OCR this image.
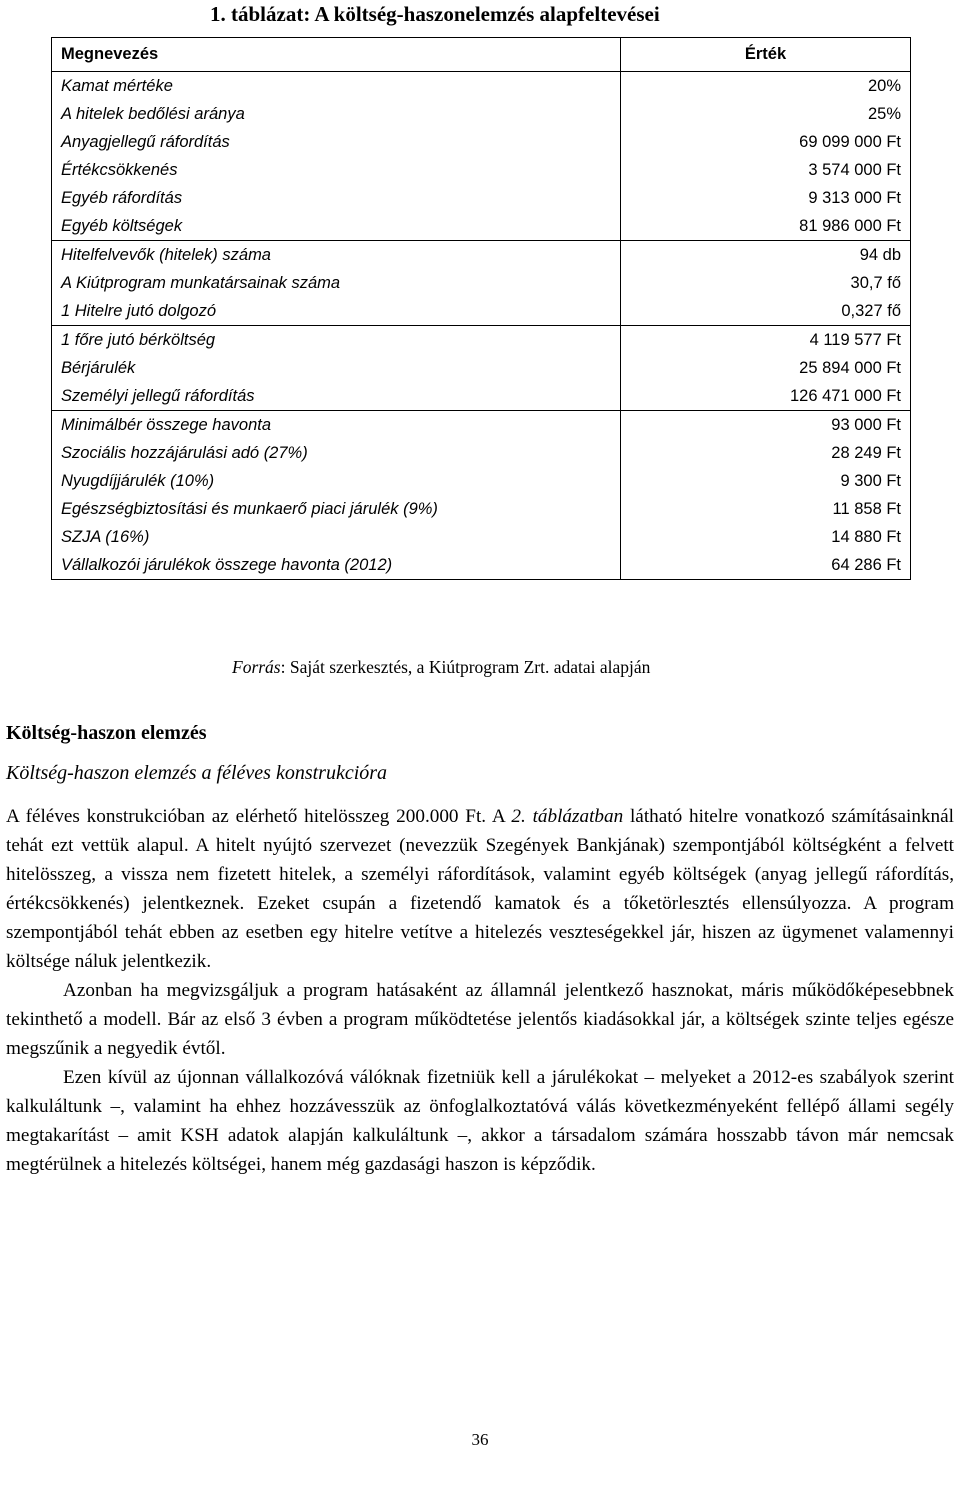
1. táblázat: A költség-haszonelemzés alapfeltevései
Megnevezés	Érték
Kamat mértéke	20%
A hitelek bedőlési aránya	25%
Anyagjellegű ráfordítás	69 099 000 Ft
Értékcsökkenés	3 574 000 Ft
Egyéb ráfordítás	9 313 000 Ft
Egyéb költségek	81 986 000 Ft
Hitelfelvevők (hitelek) száma	94 db
A Kiútprogram munkatársainak száma	30,7 fő
1 Hitelre jutó dolgozó	0,327 fő
1 főre jutó bérköltség	4 119 577 Ft
Bérjárulék	25 894 000 Ft
Személyi jellegű ráfordítás	126 471 000 Ft
Minimálbér összege havonta	93 000 Ft
Szociális hozzájárulási adó (27%)	28 249 Ft
Nyugdíjjárulék (10%)	9 300 Ft
Egészségbiztosítási és munkaerő piaci járulék (9%)	11 858 Ft
SZJA (16%)	14 880 Ft
Vállalkozói járulékok összege havonta (2012)	64 286 Ft
Forrás: Saját szerkesztés, a Kiútprogram Zrt. adatai alapján
Költség-haszon elemzés
Költség-haszon elemzés a féléves konstrukcióra

A féléves konstrukcióban az elérhető hitelösszeg 200.000 Ft. A 2. táblázatban látható hitelre vonatkozó számításainknál tehát ezt vettük alapul. A hitelt nyújtó szervezet (nevezzük Szegények Bankjának) szempontjából költségként a felvett hitelösszeg, a vissza nem fizetett hitelek, a személyi ráfordítások, valamint egyéb költségek (anyag jellegű ráfordítás, értékcsökkenés) jelentkeznek. Ezeket csupán a fizetendő kamatok és a tőketörlesztés ellensúlyozza. A program szempontjából tehát ebben az esetben egy hitelre vetítve a hitelezés veszteségekkel jár, hiszen az ügymenet valamennyi költsége náluk jelentkezik.

Azonban ha megvizsgáljuk a program hatásaként az államnál jelentkező hasznokat, máris működőképesebbnek tekinthető a modell. Bár az első 3 évben a program működtetése jelentős kiadásokkal jár, a költségek szinte teljes egésze megszűnik a negyedik évtől.

Ezen kívül az újonnan vállalkozóvá válóknak fizetniük kell a járulékokat – melyeket a 2012-es szabályok szerint kalkuláltunk –, valamint ha ehhez hozzávesszük az önfoglalkoztatóvá válás következményeként fellépő állami segély megtakarítást – amit KSH adatok alapján kalkuláltunk –, akkor a társadalom számára hosszabb távon már nemcsak megtérülnek a hitelezés költségei, hanem még gazdasági haszon is képződik.

36
